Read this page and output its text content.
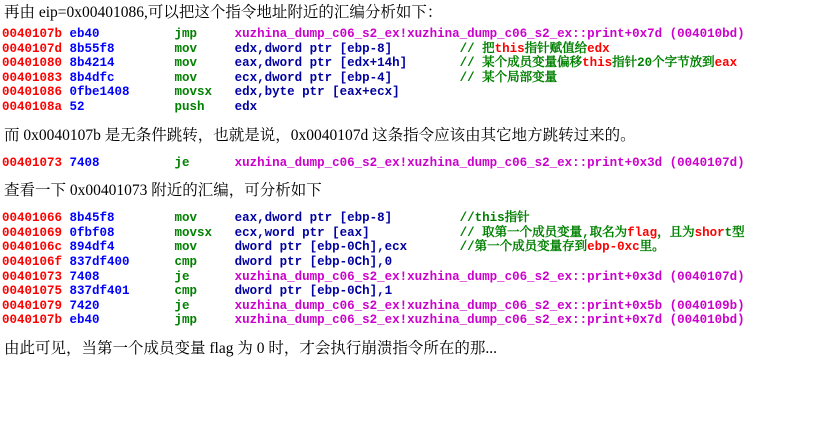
再由 eip=0x00401086,可以把这个指令地址附近的汇编分析如下：
0040107b eb40          jmp     xuzhina_dump_c06_s2_ex!xuzhina_dump_c06_s2_ex::print+0x7d (004010bd)
0040107d 8b55f8        mov     edx,dword ptr [ebp-8]         // 把this指针赋值给edx
00401080 8b4214        mov     eax,dword ptr [edx+14h]       // 某个成员变量偏移this指针20个字节放到eax
00401083 8b4dfc        mov     ecx,dword ptr [ebp-4]         // 某个局部变量
00401086 0fbe1408      movsx   edx,byte ptr [eax+ecx]
0040108a 52            push    edx
而 0x0040107b 是无条件跳转，也就是说，0x0040107d 这条指令应该由其它地方跳转过来的。
00401073 7408          je      xuzhina_dump_c06_s2_ex!xuzhina_dump_c06_s2_ex::print+0x3d (0040107d)
查看一下 0x00401073 附近的汇编，可分析如下
00401066 8b45f8        mov     eax,dword ptr [ebp-8]         //this指针
00401069 0fbf08        movsx   ecx,word ptr [eax]            // 取第一个成员变量,取名为flag，且为short型
0040106c 894df4        mov     dword ptr [ebp-0Ch],ecx       //第一个成员变量存到ebp-0xc里。
0040106f 837df400      cmp     dword ptr [ebp-0Ch],0
00401073 7408          je      xuzhina_dump_c06_s2_ex!xuzhina_dump_c06_s2_ex::print+0x3d (0040107d)
00401075 837df401      cmp     dword ptr [ebp-0Ch],1
00401079 7420          je      xuzhina_dump_c06_s2_ex!xuzhina_dump_c06_s2_ex::print+0x5b (0040109b)
0040107b eb40          jmp     xuzhina_dump_c06_s2_ex!xuzhina_dump_c06_s2_ex::print+0x7d (004010bd)
由此可见，当第一个成员变量 flag 为 0 时，才会执行崩溃指令所在的那...
